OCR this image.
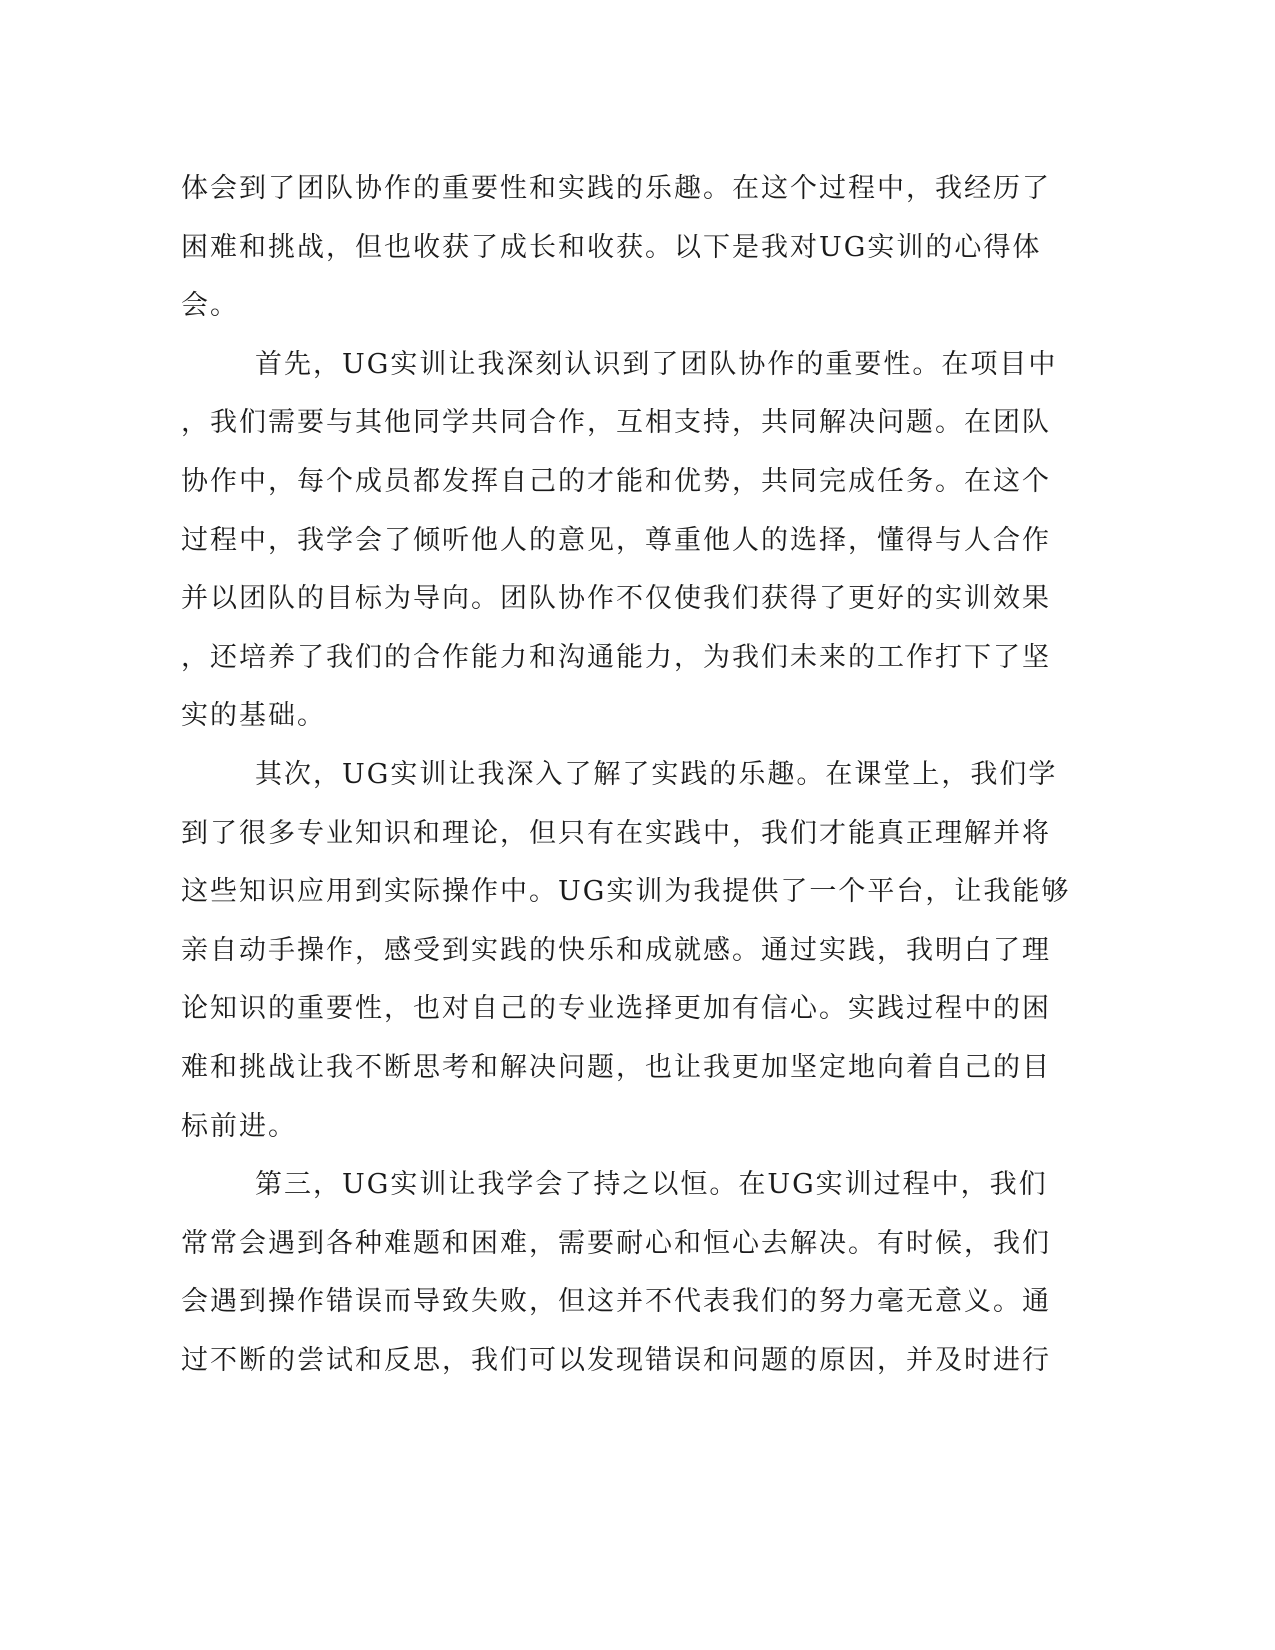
体会到了团队协作的重要性和实践的乐趣。在这个过程中，我经历了
困难和挑战，但也收获了成长和收获。以下是我对UG实训的心得体
会。
首先，UG实训让我深刻认识到了团队协作的重要性。在项目中
，我们需要与其他同学共同合作，互相支持，共同解决问题。在团队
协作中，每个成员都发挥自己的才能和优势，共同完成任务。在这个
过程中，我学会了倾听他人的意见，尊重他人的选择，懂得与人合作
并以团队的目标为导向。团队协作不仅使我们获得了更好的实训效果
，还培养了我们的合作能力和沟通能力，为我们未来的工作打下了坚
实的基础。
其次，UG实训让我深入了解了实践的乐趣。在课堂上，我们学
到了很多专业知识和理论，但只有在实践中，我们才能真正理解并将
这些知识应用到实际操作中。UG实训为我提供了一个平台，让我能够
亲自动手操作，感受到实践的快乐和成就感。通过实践，我明白了理
论知识的重要性，也对自己的专业选择更加有信心。实践过程中的困
难和挑战让我不断思考和解决问题，也让我更加坚定地向着自己的目
标前进。
第三，UG实训让我学会了持之以恒。在UG实训过程中，我们
常常会遇到各种难题和困难，需要耐心和恒心去解决。有时候，我们
会遇到操作错误而导致失败，但这并不代表我们的努力毫无意义。通
过不断的尝试和反思，我们可以发现错误和问题的原因，并及时进行
